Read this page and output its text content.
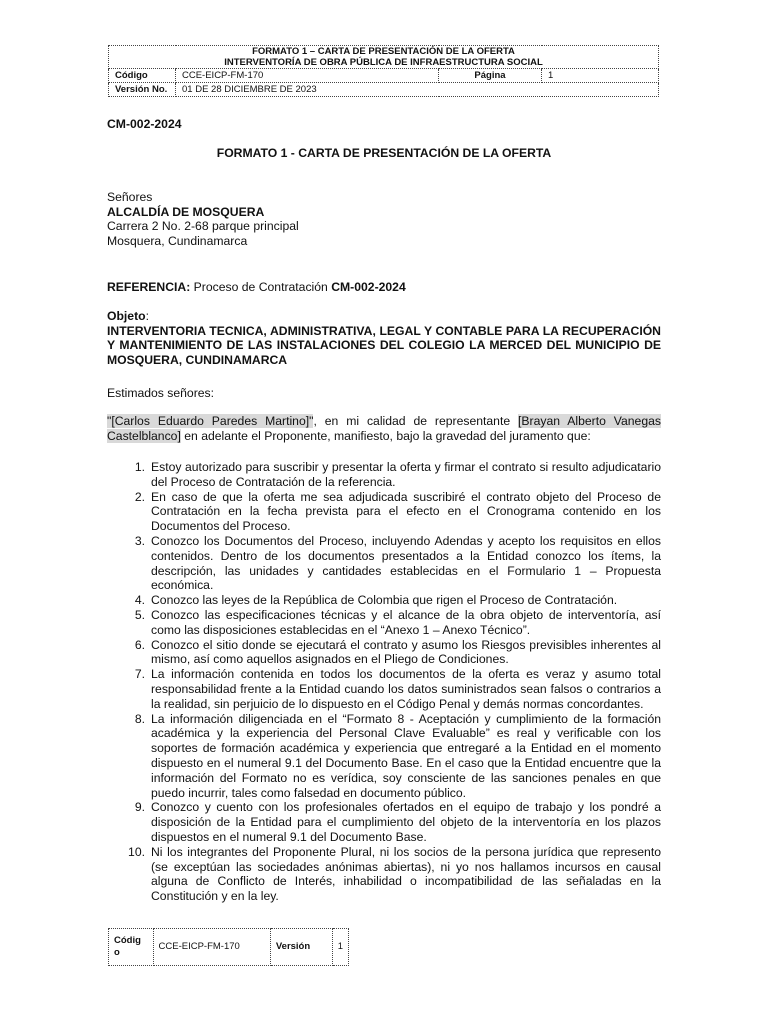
FORMATO 1 – CARTA DE PRESENTACIÓN DE LA OFERTA
INTERVENTORÍA DE OBRA PÚBLICA DE INFRAESTRUCTURA SOCIAL			

Código	CCE-EICP-FM-170	Página	1
Versión No.	01 DE 28 DICIEMBRE DE 2023		
CM-002-2024
FORMATO 1 - CARTA DE PRESENTACIÓN DE LA OFERTA
Señores
ALCALDÍA DE MOSQUERA
Carrera 2 No. 2-68 parque principal
Mosquera, Cundinamarca
REFERENCIA: Proceso de Contratación CM-002-2024
Objeto:
INTERVENTORIA TECNICA, ADMINISTRATIVA, LEGAL Y CONTABLE PARA LA RECUPERACIÓN Y MANTENIMIENTO DE LAS INSTALACIONES DEL COLEGIO LA MERCED DEL MUNICIPIO DE MOSQUERA, CUNDINAMARCA
Estimados señores:
"[Carlos Eduardo Paredes Martino]", en mi calidad de representante [Brayan Alberto Vanegas Castelblanco] en adelante el Proponente, manifiesto, bajo la gravedad del juramento que:
1. Estoy autorizado para suscribir y presentar la oferta y firmar el contrato si resulto adjudicatario del Proceso de Contratación de la referencia.
2. En caso de que la oferta me sea adjudicada suscribiré el contrato objeto del Proceso de Contratación en la fecha prevista para el efecto en el Cronograma contenido en los Documentos del Proceso.
3. Conozco los Documentos del Proceso, incluyendo Adendas y acepto los requisitos en ellos contenidos. Dentro de los documentos presentados a la Entidad conozco los ítems, la descripción, las unidades y cantidades establecidas en el Formulario 1 – Propuesta económica.
4. Conozco las leyes de la República de Colombia que rigen el Proceso de Contratación.
5. Conozco las especificaciones técnicas y el alcance de la obra objeto de interventoría, así como las disposiciones establecidas en el “Anexo 1 – Anexo Técnico”.
6. Conozco el sitio donde se ejecutará el contrato y asumo los Riesgos previsibles inherentes al mismo, así como aquellos asignados en el Pliego de Condiciones.
7. La información contenida en todos los documentos de la oferta es veraz y asumo total responsabilidad frente a la Entidad cuando los datos suministrados sean falsos o contrarios a la realidad, sin perjuicio de lo dispuesto en el Código Penal y demás normas concordantes.
8. La información diligenciada en el “Formato 8 - Aceptación y cumplimiento de la formación académica y la experiencia del Personal Clave Evaluable” es real y verificable con los soportes de formación académica y experiencia que entregaré a la Entidad en el momento dispuesto en el numeral 9.1 del Documento Base. En el caso que la Entidad encuentre que la información del Formato no es verídica, soy consciente de las sanciones penales en que puedo incurrir, tales como falsedad en documento público.
9. Conozco y cuento con los profesionales ofertados en el equipo de trabajo y los pondré a disposición de la Entidad para el cumplimiento del objeto de la interventoría en los plazos dispuestos en el numeral 9.1 del Documento Base.
10. Ni los integrantes del Proponente Plural, ni los socios de la persona jurídica que represento (se exceptúan las sociedades anónimas abiertas), ni yo nos hallamos incursos en causal alguna de Conflicto de Interés, inhabilidad o incompatibilidad de las señaladas en la Constitución y en la ley.
Códig o	CCE-EICP-FM-170	Versión	1
